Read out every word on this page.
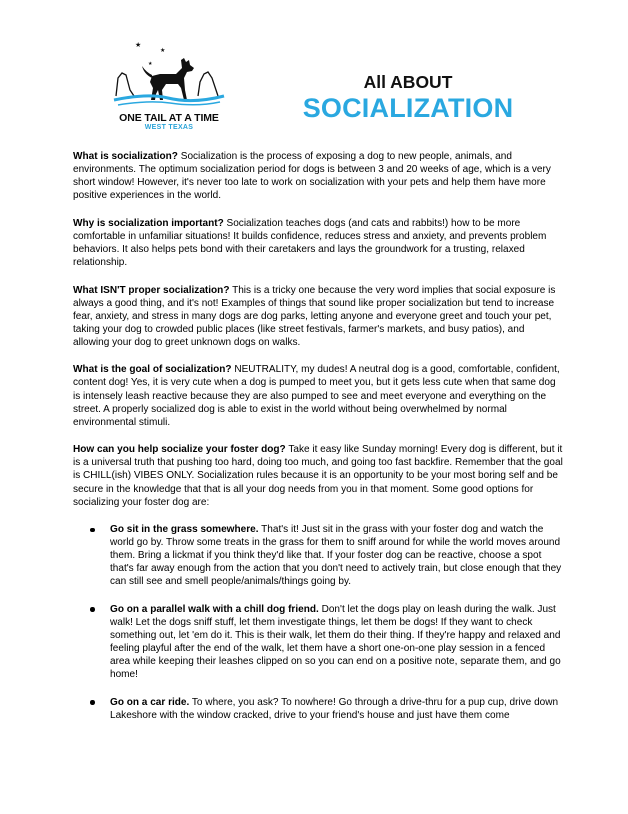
★
★
★
ONE TAIL AT A TIME
WEST TEXAS
All ABOUT
SOCIALIZATION

What is socialization? Socialization is the process of exposing a dog to new people, animals, and environments. The optimum socialization period for dogs is between 3 and 20 weeks of age, which is a very short window! However, it's never too late to work on socialization with your pets and help them have more positive experiences in the world.

Why is socialization important? Socialization teaches dogs (and cats and rabbits!) how to be more comfortable in unfamiliar situations! It builds confidence, reduces stress and anxiety, and prevents problem behaviors. It also helps pets bond with their caretakers and lays the groundwork for a trusting, relaxed relationship.

What ISN'T proper socialization? This is a tricky one because the very word implies that social exposure is always a good thing, and it's not! Examples of things that sound like proper socialization but tend to increase fear, anxiety, and stress in many dogs are dog parks, letting anyone and everyone greet and touch your pet, taking your dog to crowded public places (like street festivals, farmer's markets, and busy patios), and allowing your dog to greet unknown dogs on walks.

What is the goal of socialization? NEUTRALITY, my dudes! A neutral dog is a good, comfortable, confident, content dog! Yes, it is very cute when a dog is pumped to meet you, but it gets less cute when that same dog is intensely leash reactive because they are also pumped to see and meet everyone and everything on the street. A properly socialized dog is able to exist in the world without being overwhelmed by normal environmental stimuli.

How can you help socialize your foster dog? Take it easy like Sunday morning! Every dog is different, but it is a universal truth that pushing too hard, doing too much, and going too fast backfire. Remember that the goal is CHILL(ish) VIBES ONLY. Socialization rules because it is an opportunity to be your most boring self and be secure in the knowledge that that is all your dog needs from you in that moment. Some good options for socializing your foster dog are:

Go sit in the grass somewhere. That's it! Just sit in the grass with your foster dog and watch the world go by. Throw some treats in the grass for them to sniff around for while the world moves around them. Bring a lickmat if you think they'd like that. If your foster dog can be reactive, choose a spot that's far away enough from the action that you don't need to actively train, but close enough that they can still see and smell people/animals/things going by.
Go on a parallel walk with a chill dog friend. Don't let the dogs play on leash during the walk. Just walk! Let the dogs sniff stuff, let them investigate things, let them be dogs! If they want to check something out, let 'em do it. This is their walk, let them do their thing. If they're happy and relaxed and feeling playful after the end of the walk, let them have a short one-on-one play session in a fenced area while keeping their leashes clipped on so you can end on a positive note, separate them, and go home!
Go on a car ride. To where, you ask? To nowhere! Go through a drive-thru for a pup cup, drive down Lakeshore with the window cracked, drive to your friend's house and just have them come
